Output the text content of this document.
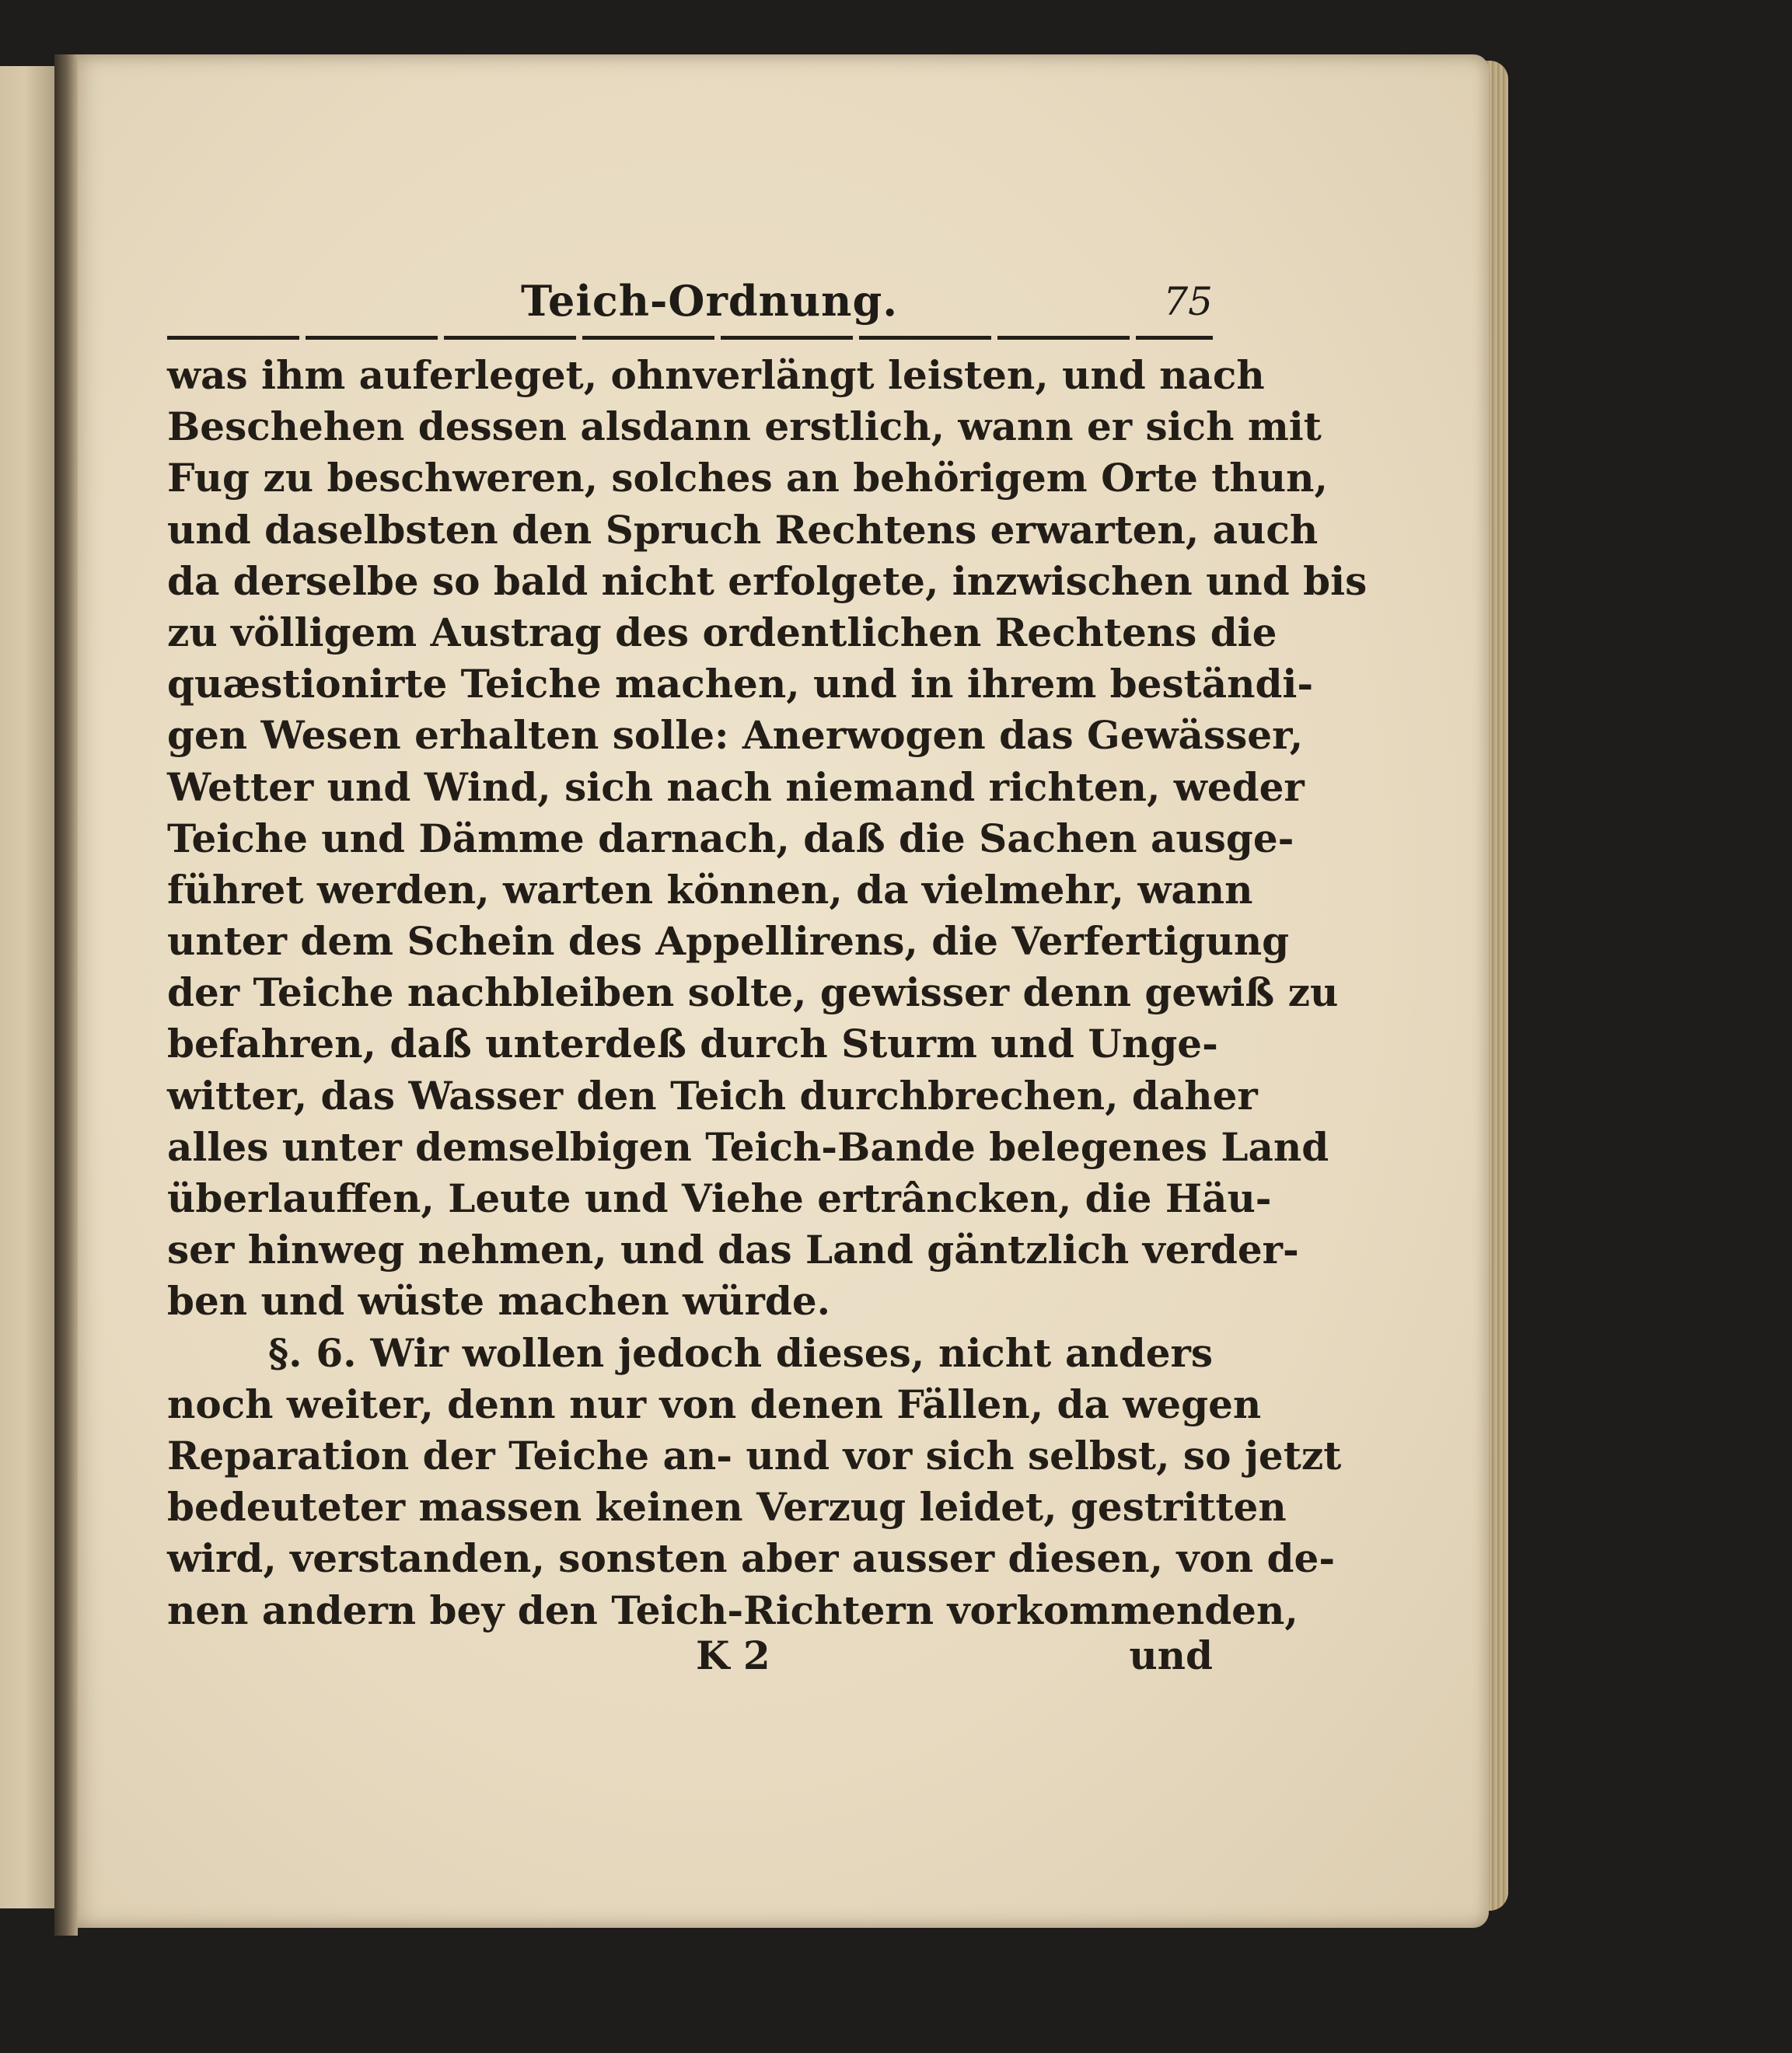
Teich-Ordnung.	75
was ihm auferleget, ohnverlängt leisten, und nach
Beschehen dessen alsdann erstlich, wann er sich mit
Fug zu beschweren, solches an behörigem Orte thun,
und daselbsten den Spruch Rechtens erwarten, auch
da derselbe so bald nicht erfolgete, inzwischen und bis
zu völligem Austrag des ordentlichen Rechtens die
quæstionirte Teiche machen, und in ihrem beständi-
gen Wesen erhalten solle: Anerwogen das Gewässer,
Wetter und Wind, sich nach niemand richten, weder
Teiche und Dämme darnach, daß die Sachen ausge-
führet werden, warten können, da vielmehr, wann
unter dem Schein des Appellirens, die Verfertigung
der Teiche nachbleiben solte, gewisser denn gewiß zu
befahren, daß unterdeß durch Sturm und Unge-
witter, das Wasser den Teich durchbrechen, daher
alles unter demselbigen Teich-Bande belegenes Land
überlauffen, Leute und Viehe ertrâncken, die Häu-
ser hinweg nehmen, und das Land gäntzlich verder-
ben und wüste machen würde.
§. 6. Wir wollen jedoch dieses, nicht anders
noch weiter, denn nur von denen Fällen, da wegen
Reparation der Teiche an- und vor sich selbst, so jetzt
bedeuteter massen keinen Verzug leidet, gestritten
wird, verstanden, sonsten aber ausser diesen, von de-
nen andern bey den Teich-Richtern vorkommenden,
K 2	und
